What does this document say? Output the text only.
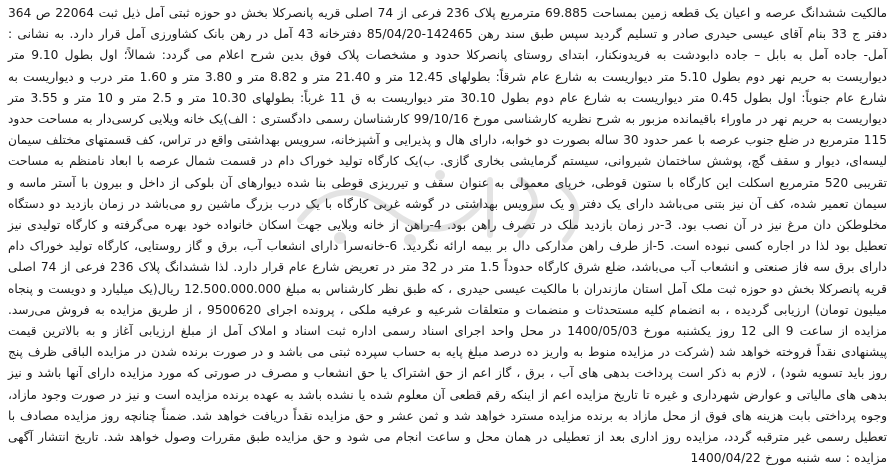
مالکیت ششدانگ عرصه و اعیان یک قطعه زمین بمساحت 69.885 مترمربع پلاک 236 فرعی از 74 اصلی قریه پانصرکلا بخش دو حوزه ثبتی آمل ذیل ثبت 22064 ص 364 دفتر ج 33 بنام آقای عیسی حیدری صادر و تسلیم گردید سپس طبق سند رهن 142465-85/04/20 دفترخانه 43 آمل در رهن بانک کشاورزی آمل قرار دارد. به نشانی : آمل- جاده آمل به بابل – جاده دابودشت به فریدونکنار، ابتدای روستای پانصرکلا حدود و مشخصات پلاک فوق بدین شرح اعلام می گردد: شمالاً؛ اول بطول 9.10 متر دیواریست به حریم نهر دوم بطول 5.10 متر دیواریست به شارع عام شرقاً: بطولهای 12.45 متر و 21.40 متر و 8.82 متر و 3.80 متر و 1.60 متر درب و دیواریست به شارع عام جنوباً: اول بطول 0.45 متر دیواریست به شارع عام دوم بطول 30.10 متر دیواریست به ق 11 غرباً: بطولهای 10.30 متر و 2.5 متر و 10 متر و 3.55 متر دیواریست به حریم نهر در ماوراء باقیمانده مزبور به شرح نظریه کارشناسی مورخ 99/10/16 کارشناسان رسمی دادگستری : الف)یک خانه ویلایی کرسی‌دار به مساحت حدود 115 مترمربع در ضلع جنوب عرصه با عمر حدود 30 ساله بصورت دو خوابه، دارای هال و پذیرایی و آشپزخانه، سرویس بهداشتی واقع در تراس، کف قسمتهای مختلف سیمان لیسه‌ای، دیوار و سقف گچ، پوشش ساختمان شیروانی، سیستم گرمایشی بخاری گازی. ب)یک کارگاه تولید خوراک دام در قسمت شمال عرصه با ابعاد نامنظم به مساحت تقریبی 520 مترمربع اسکلت این کارگاه با ستون قوطی، خرپای معمولی به عنوان سقف و تیرریزی قوطی بنا شده دیوارهای آن بلوکی از داخل و بیرون با آستر ماسه و سیمان تعمیر شده، کف آن نیز بتنی می‌باشد دارای یک دفتر و یک سرویس بهداشتی در گوشه غربی کارگاه با یک درب بزرگ ماشین رو می‌باشد در زمان بازدید دو دستگاه مخلوطکن دان مرغ نیز در آن نصب بود. 3-در زمان بازدید ملک در تصرف راهن بود. 4-راهن از خانه ویلایی جهت اسکان خانواده خود بهره می‌گرفته و کارگاه تولیدی نیز تعطیل بود لذا در اجاره کسی نبوده است. 5-از طرف راهن مدارکی دال بر بیمه ارائه نگردید. 6-خانه‌سرا دارای انشعاب آب، برق و گاز روستایی، کارگاه تولید خوراک دام دارای برق سه فاز صنعتی و انشعاب آب می‌باشد، ضلع شرق کارگاه حدوداً 1.5 متر در 32 متر در تعریض شارع عام قرار دارد. لذا ششدانگ پلاک 236 فرعی از 74 اصلی قریه پانصرکلا بخش دو حوزه ثبت ملک آمل استان مازندران با مالکیت عیسی حیدری ، که طبق نظر کارشناس به مبلغ 12.500.000.000 ریال(یک میلیارد و دویست و پنجاه میلیون تومان) ارزیابی گردیده ، به انضمام کلیه مستحدثات و منضمات و متعلقات شرعیه و عرفیه ملکی ، پرونده اجرای 9500620 ، از طریق مزایده به فروش می‌رسد. مزایده از ساعت 9 الی 12 روز یکشنبه مورخ 1400/05/03 در محل واحد اجرای اسناد رسمی اداره ثبت اسناد و املاک آمل از مبلغ ارزیابی آغاز و به بالاترین قیمت پیشنهادی نقداً فروخته خواهد شد (شرکت در مزایده منوط به واریز ده درصد مبلغ پایه به حساب سپرده ثبتی می باشد و در صورت برنده شدن در مزایده الباقی ظرف پنج روز باید تسویه شود) ، لازم به ذکر است پرداخت بدهی های آب ، برق ، گاز اعم از حق اشتراک یا حق انشعاب و مصرف در صورتی که مورد مزایده دارای آنها باشد و نیز بدهی های مالیاتی و عوارض شهرداری و غیره تا تاریخ مزایده اعم از اینکه رقم قطعی آن معلوم شده یا نشده باشد به عهده برنده مزایده است و نیز در صورت وجود مازاد، وجوه پرداختی بابت هزینه های فوق از محل مازاد به برنده مزایده مسترد خواهد شد و ثمن عشر و حق مزایده نقداً دریافت خواهد شد. ضمناً چنانچه روز مزایده مصادف با تعطیل رسمی غیر مترقبه گردد، مزایده روز اداری بعد از تعطیلی در همان محل و ساعت انجام می شود و حق مزایده طبق مقررات وصول خواهد شد. تاریخ انتشار آگهی مزایده : سه شنبه مورخ 1400/04/22
